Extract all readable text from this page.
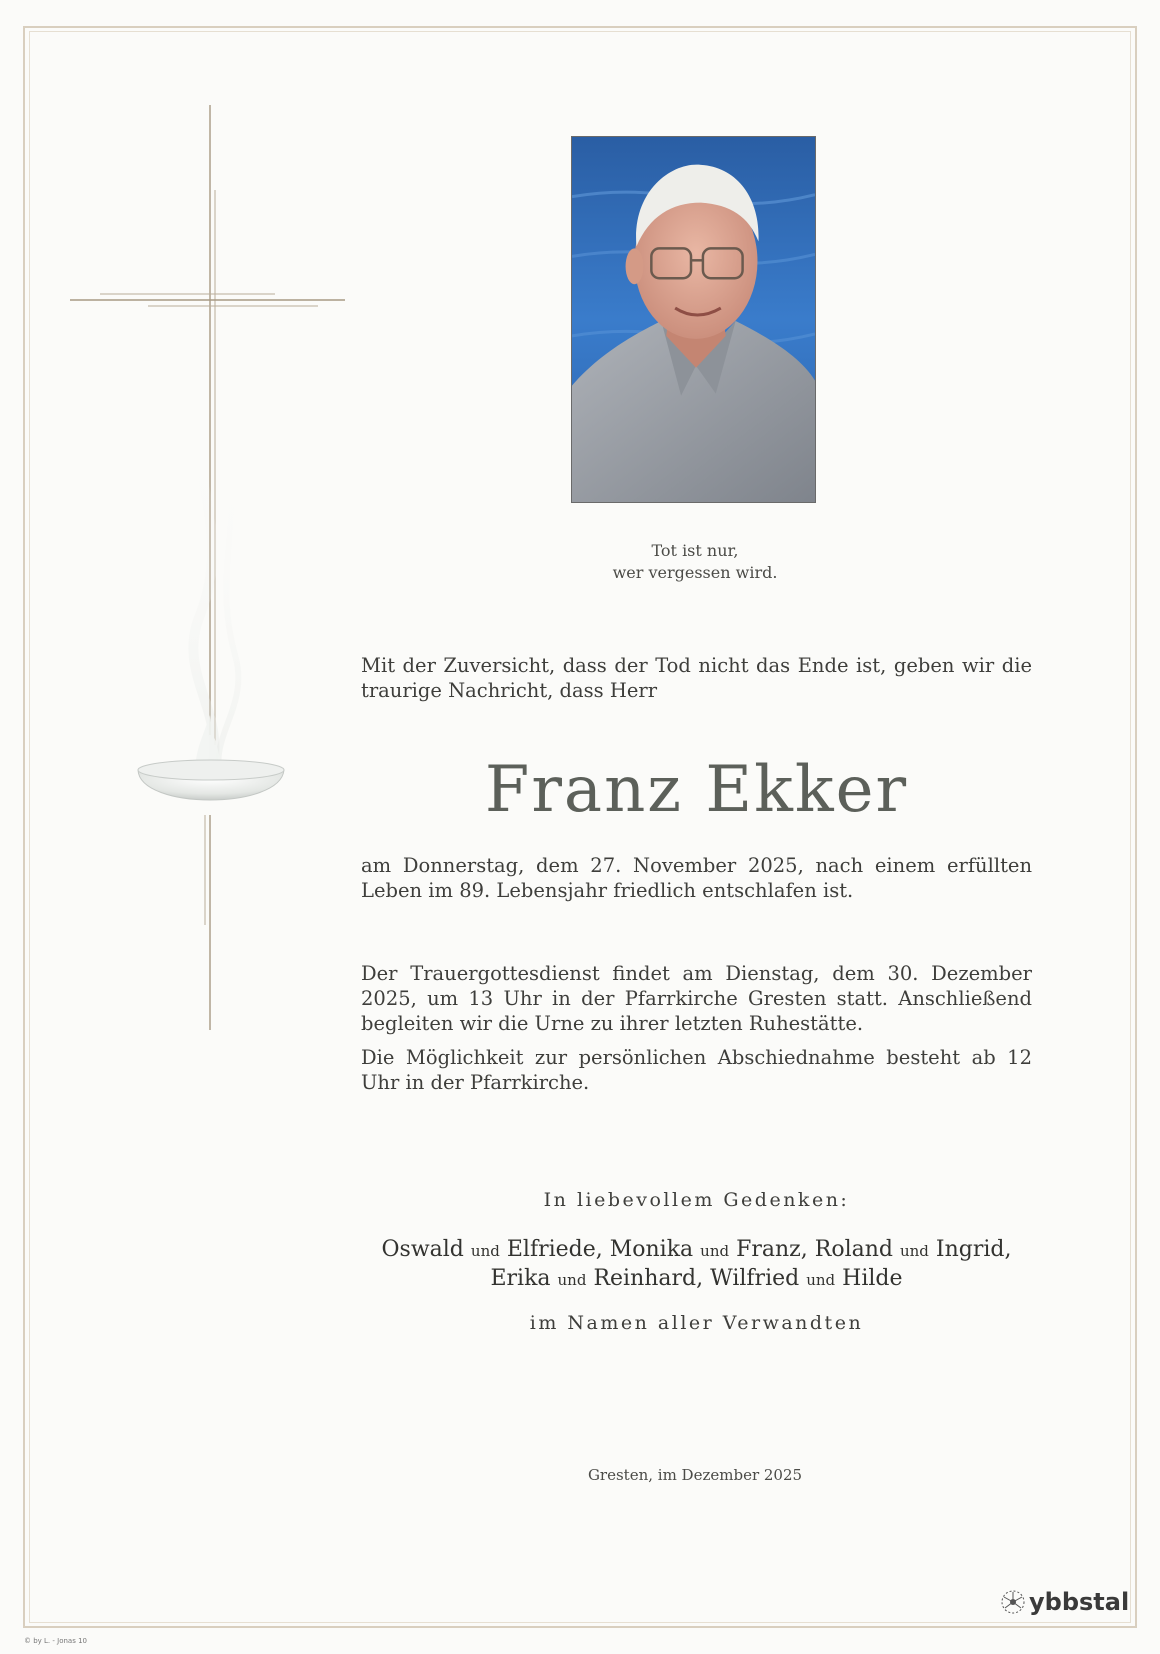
Tot ist nur,
wer vergessen wird.
Mit der Zuversicht, dass der Tod nicht das Ende ist, geben wir die traurige Nachricht, dass Herr
Franz Ekker
am Donnerstag, dem 27. November 2025, nach einem erfüllten Leben im 89. Lebensjahr friedlich entschlafen ist.
Der Trauergottesdienst findet am Dienstag, dem 30. Dezember 2025, um 13 Uhr in der Pfarrkirche Gresten statt. Anschließend begleiten wir die Urne zu ihrer letzten Ruhestätte.
Die Möglichkeit zur persönlichen Abschiednahme besteht ab 12 Uhr in der Pfarrkirche.
In liebevollem Gedenken:
Oswald und Elfriede, Monika und Franz, Roland und Ingrid,
Erika und Reinhard, Wilfried und Hilde
im Namen aller Verwandten
Gresten, im Dezember 2025
ybbstal
© by L. - Jonas 10
